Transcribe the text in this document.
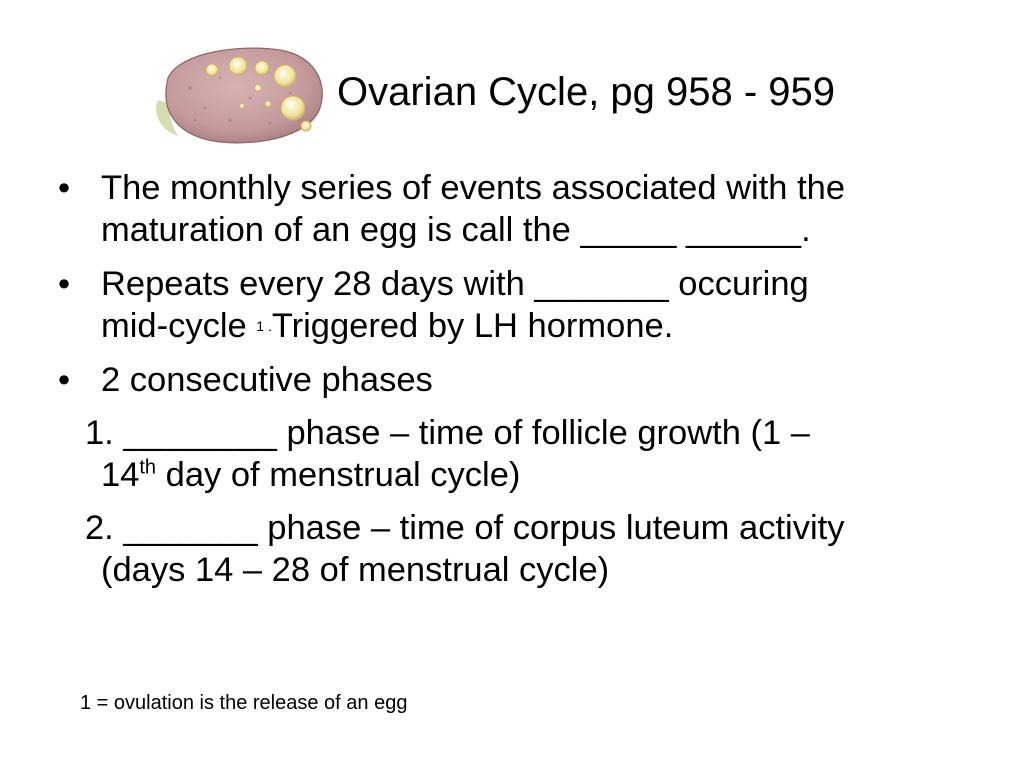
Ovarian Cycle, pg 958 - 959
• The monthly series of events associated with the
maturation of an egg is call the _____ ______.
• Repeats every 28 days with _______ occuring
mid-cycle 1 .Triggered by LH hormone.
• 2 consecutive phases
1. ________ phase – time of follicle growth (1 –
14th day of menstrual cycle)
2. _______ phase – time of corpus luteum activity
(days 14 – 28 of menstrual cycle)
1 = ovulation is the release of an egg
